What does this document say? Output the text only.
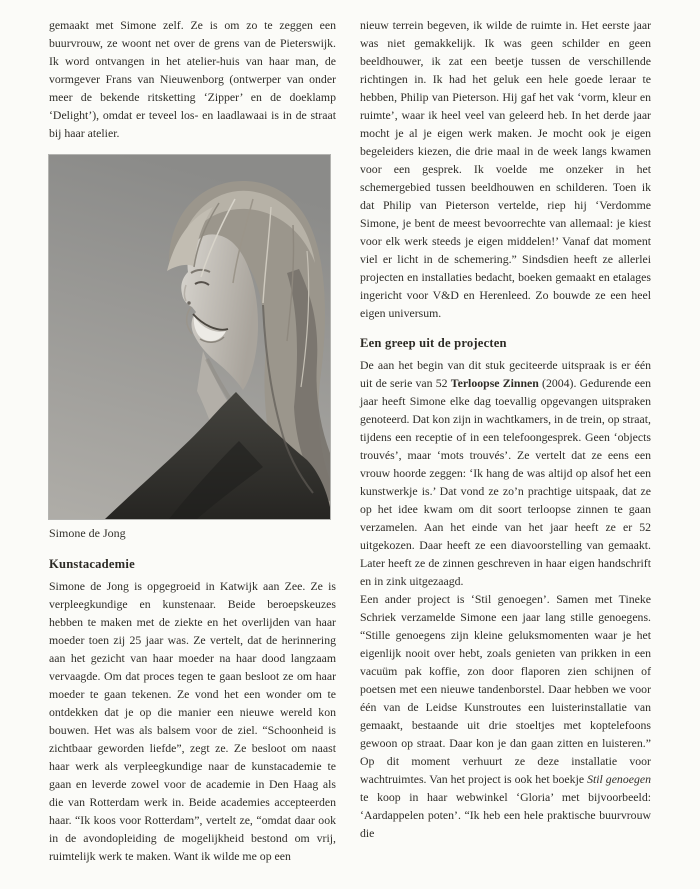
gemaakt met Simone zelf. Ze is om zo te zeggen een buurvrouw, ze woont net over de grens van de Pieterswijk. Ik word ontvangen in het atelier-huis van haar man, de vormgever Frans van Nieuwenborg (ontwerper van onder meer de bekende ritsketting ‘Zipper’ en de doeklamp ‘Delight’), omdat er teveel los- en laadlawaai is in de straat bij haar atelier.

Simone de Jong
Kunstacademie

Simone de Jong is opgegroeid in Katwijk aan Zee. Ze is verpleegkundige en kunstenaar. Beide beroepskeuzes hebben te maken met de ziekte en het overlijden van haar moeder toen zij 25 jaar was. Ze vertelt, dat de herinnering aan het gezicht van haar moeder na haar dood langzaam vervaagde. Om dat proces tegen te gaan besloot ze om haar moeder te gaan tekenen. Ze vond het een wonder om te ontdekken dat je op die manier een nieuwe wereld kon bouwen. Het was als balsem voor de ziel. “Schoonheid is zichtbaar geworden liefde”, zegt ze. Ze besloot om naast haar werk als verpleegkundige naar de kunstacademie te gaan en leverde zowel voor de academie in Den Haag als die van Rotterdam werk in. Beide academies accepteerden haar. “Ik koos voor Rotterdam”, vertelt ze, “omdat daar ook in de avondopleiding de mogelijkheid bestond om vrij, ruimtelijk werk te maken. Want ik wilde me op een

nieuw terrein begeven, ik wilde de ruimte in. Het eerste jaar was niet gemakkelijk. Ik was geen schilder en geen beeldhouwer, ik zat een beetje tussen de verschillende richtingen in. Ik had het geluk een hele goede leraar te hebben, Philip van Pieterson. Hij gaf het vak ‘vorm, kleur en ruimte’, waar ik heel veel van geleerd heb. In het derde jaar mocht je al je eigen werk maken. Je mocht ook je eigen begeleiders kiezen, die drie maal in de week langs kwamen voor een gesprek. Ik voelde me onzeker in het schemergebied tussen beeldhouwen en schilderen. Toen ik dat Philip van Pieterson vertelde, riep hij ‘Verdomme Simone, je bent de meest bevoorrechte van allemaal: je kiest voor elk werk steeds je eigen middelen!’ Vanaf dat moment viel er licht in de schemering.” Sindsdien heeft ze allerlei projecten en installaties bedacht, boeken gemaakt en etalages ingericht voor V&D en Herenleed. Zo bouwde ze een heel eigen universum.

Een greep uit de projecten

De aan het begin van dit stuk geciteerde uitspraak is er één uit de serie van 52 Terloopse Zinnen (2004). Gedurende een jaar heeft Simone elke dag toevallig opgevangen uitspraken genoteerd. Dat kon zijn in wachtkamers, in de trein, op straat, tijdens een receptie of in een telefoongesprek. Geen ‘objects trouvés’, maar ‘mots trouvés’. Ze vertelt dat ze eens een vrouw hoorde zeggen: ‘Ik hang de was altijd op alsof het een kunstwerkje is.’ Dat vond ze zo’n prachtige uitspaak, dat ze op het idee kwam om dit soort terloopse zinnen te gaan verzamelen. Aan het einde van het jaar heeft ze er 52 uitgekozen. Daar heeft ze een diavoorstelling van gemaakt. Later heeft ze de zinnen geschreven in haar eigen handschrift en in zink uitgezaagd.

Een ander project is ‘Stil genoegen’. Samen met Tineke Schriek verzamelde Simone een jaar lang stille genoegens. “Stille genoegens zijn kleine geluksmomenten waar je het eigenlijk nooit over hebt, zoals genieten van prikken in een vacuüm pak koffie, zon door flaporen zien schijnen of poetsen met een nieuwe tandenborstel. Daar hebben we voor één van de Leidse Kunstroutes een luisterinstallatie van gemaakt, bestaande uit drie stoeltjes met koptelefoons gewoon op straat. Daar kon je dan gaan zitten en luisteren.” Op dit moment verhuurt ze deze installatie voor wachtruimtes. Van het project is ook het boekje Stil genoegen te koop in haar webwinkel ‘Gloria’ met bijvoorbeeld: ‘Aardappelen poten’. “Ik heb een hele praktische buurvrouw die
